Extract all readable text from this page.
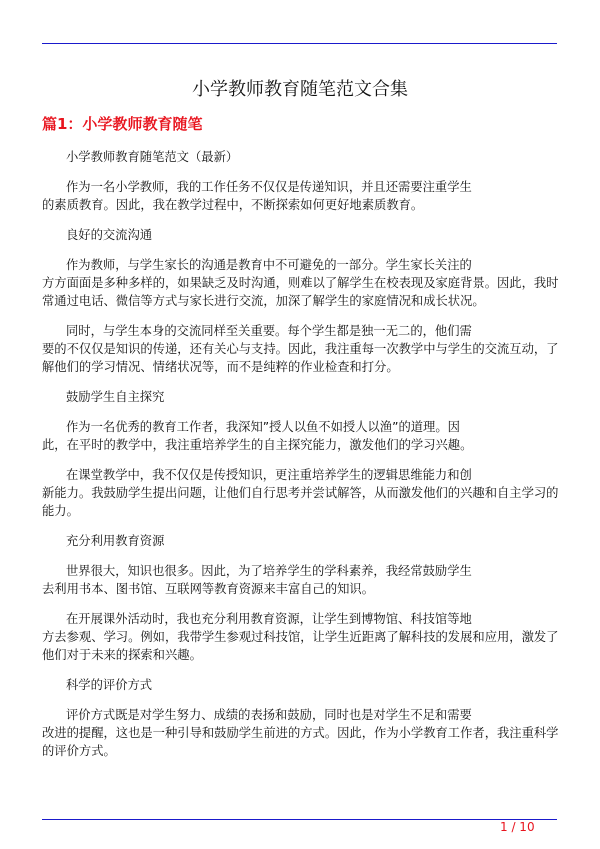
小学教师教育随笔范文合集
篇1：小学教师教育随笔
小学教师教育随笔范文（最新）
作为一名小学教师，我的工作任务不仅仅是传递知识，并且还需要注重学生
的素质教育。因此，我在教学过程中，不断探索如何更好地素质教育。
良好的交流沟通
作为教师，与学生家长的沟通是教育中不可避免的一部分。学生家长关注的
方方面面是多种多样的，如果缺乏及时沟通，则难以了解学生在校表现及家庭背景。因此，我时
常通过电话、微信等方式与家长进行交流，加深了解学生的家庭情况和成长状况。
同时，与学生本身的交流同样至关重要。每个学生都是独一无二的，他们需
要的不仅仅是知识的传递，还有关心与支持。因此，我注重每一次教学中与学生的交流互动，了
解他们的学习情况、情绪状况等，而不是纯粹的作业检查和打分。
鼓励学生自主探究
作为一名优秀的教育工作者，我深知”授人以鱼不如授人以渔”的道理。因
此，在平时的教学中，我注重培养学生的自主探究能力，激发他们的学习兴趣。
在课堂教学中，我不仅仅是传授知识，更注重培养学生的逻辑思维能力和创
新能力。我鼓励学生提出问题，让他们自行思考并尝试解答，从而激发他们的兴趣和自主学习的
能力。
充分利用教育资源
世界很大，知识也很多。因此，为了培养学生的学科素养，我经常鼓励学生
去利用书本、图书馆、互联网等教育资源来丰富自己的知识。
在开展课外活动时，我也充分利用教育资源，让学生到博物馆、科技馆等地
方去参观、学习。例如，我带学生参观过科技馆，让学生近距离了解科技的发展和应用，激发了
他们对于未来的探索和兴趣。
科学的评价方式
评价方式既是对学生努力、成绩的表扬和鼓励，同时也是对学生不足和需要
改进的提醒，这也是一种引导和鼓励学生前进的方式。因此，作为小学教育工作者，我注重科学
的评价方式。
1 / 10
